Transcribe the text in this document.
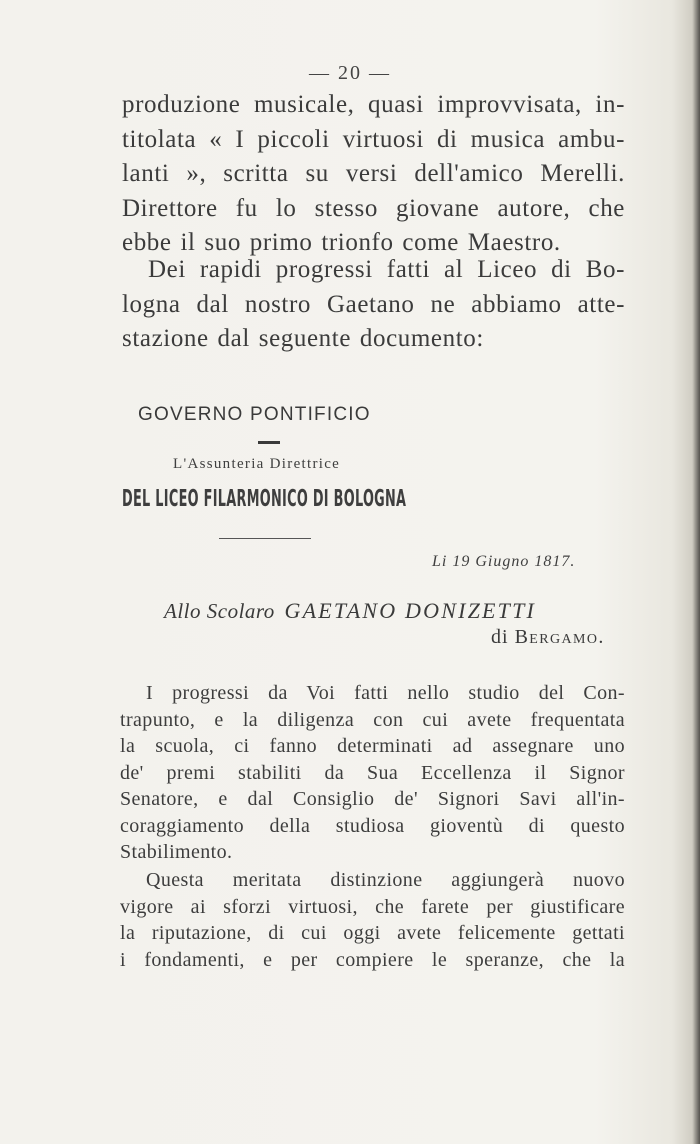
— 20 —

produzione musicale, quasi improvvisata, in-
titolata « I piccoli virtuosi di musica ambu-
lanti », scritta su versi dell'amico Merelli.
Direttore fu lo stesso giovane autore, che
ebbe il suo primo trionfo come Maestro.

Dei rapidi progressi fatti al Liceo di Bo-
logna dal nostro Gaetano ne abbiamo atte-
stazione dal seguente documento:

GOVERNO PONTIFICIO
L'Assunteria Direttrice
DEL LICEO FILARMONICO DI BOLOGNA
Li 19 Giugno 1817.
Allo Scolaro GAETANO DONIZETTI
di Bergamo.

I progressi da Voi fatti nello studio del Con-
trapunto, e la diligenza con cui avete frequentata
la scuola, ci fanno determinati ad assegnare uno
de' premi stabiliti da Sua Eccellenza il Signor
Senatore, e dal Consiglio de' Signori Savi all'in-
coraggiamento della studiosa gioventù di questo
Stabilimento.

Questa meritata distinzione aggiungerà nuovo
vigore ai sforzi virtuosi, che farete per giustificare
la riputazione, di cui oggi avete felicemente gettati
i fondamenti, e per compiere le speranze, che la
